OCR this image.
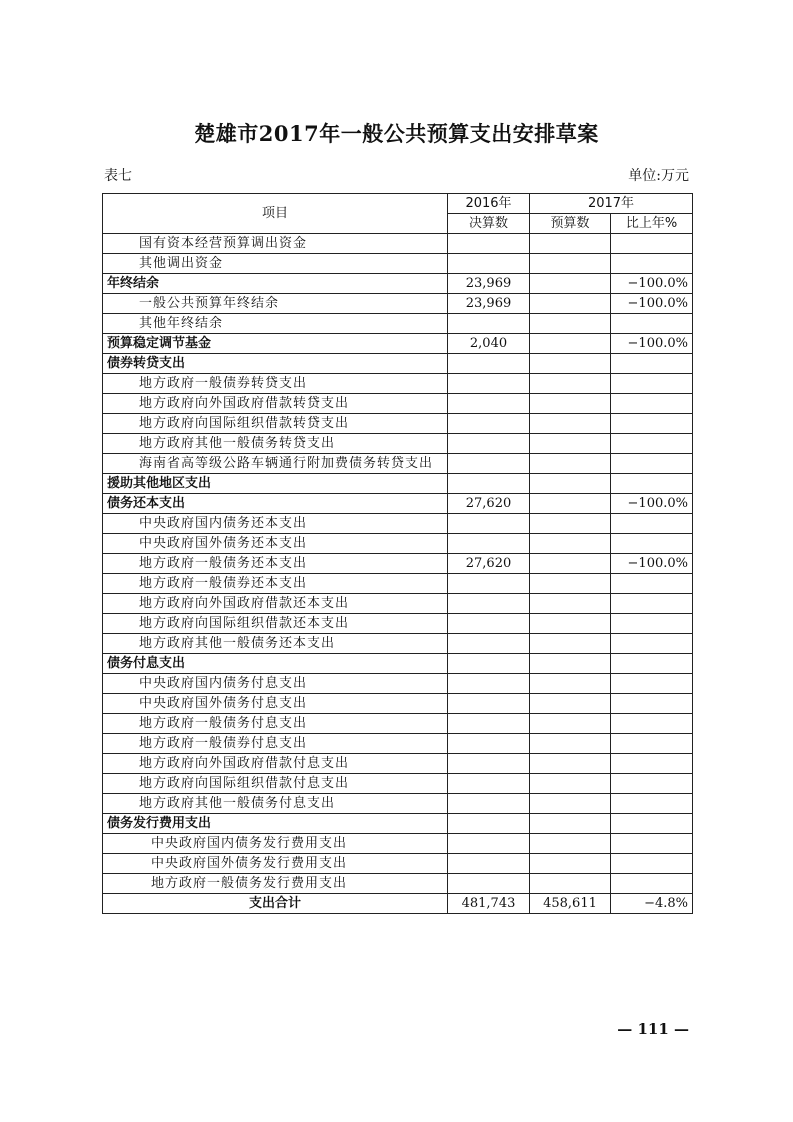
楚雄市2017年一般公共预算支出安排草案
表七	单位:万元
项目	2016年	2017年	
	决算数	预算数	比上年%
国有资本经营预算调出资金			
其他调出资金			
年终结余	23,969		−100.0%
一般公共预算年终结余	23,969		−100.0%
其他年终结余			
预算稳定调节基金	2,040		−100.0%
债券转贷支出			
地方政府一般债券转贷支出			
地方政府向外国政府借款转贷支出			
地方政府向国际组织借款转贷支出			
地方政府其他一般债务转贷支出			
海南省高等级公路车辆通行附加费债务转贷支出			
援助其他地区支出			
债务还本支出	27,620		−100.0%
中央政府国内债务还本支出			
中央政府国外债务还本支出			
地方政府一般债务还本支出	27,620		−100.0%
地方政府一般债券还本支出			
地方政府向外国政府借款还本支出			
地方政府向国际组织借款还本支出			
地方政府其他一般债务还本支出			
债务付息支出			
中央政府国内债务付息支出			
中央政府国外债务付息支出			
地方政府一般债务付息支出			
地方政府一般债券付息支出			
地方政府向外国政府借款付息支出			
地方政府向国际组织借款付息支出			
地方政府其他一般债务付息支出			
债务发行费用支出			
中央政府国内债务发行费用支出			
中央政府国外债务发行费用支出			
地方政府一般债务发行费用支出			
支出合计	481,743	458,611	−4.8%
— 111 —
